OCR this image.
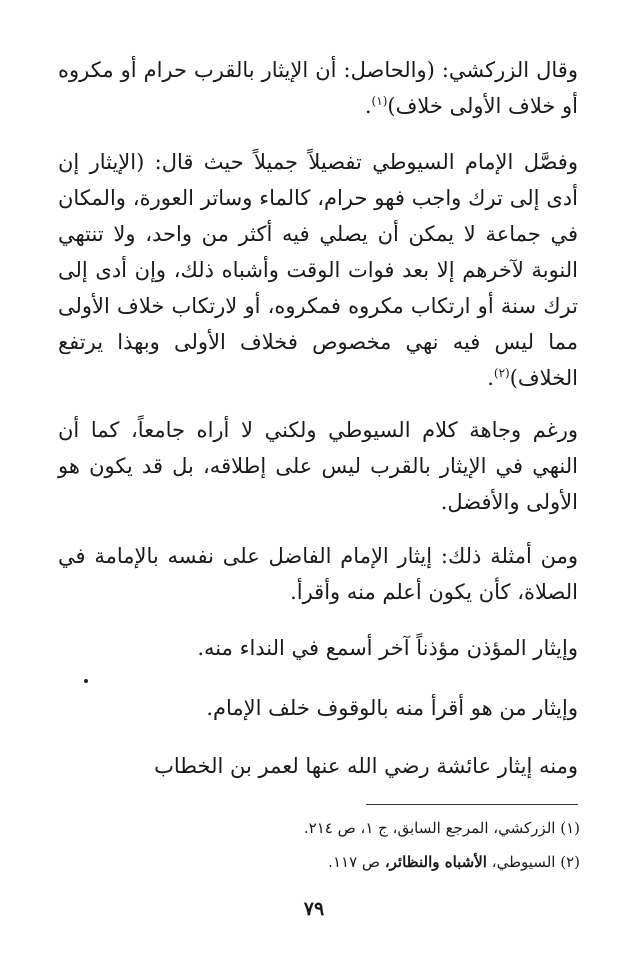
وقال الزركشي: (والحاصل: أن الإيثار بالقرب حرام أو مكروه أو خلاف الأولى خلاف)$^{(١)}$.

وفصَّل الإمام السيوطي تفصيلاً جميلاً حيث قال: (الإيثار إن أدى إلى ترك واجب فهو حرام، كالماء وساتر العورة، والمكان في جماعة لا يمكن أن يصلي فيه أكثر من واحد، ولا تنتهي النوبة لآخرهم إلا بعد فوات الوقت وأشباه ذلك، وإن أدى إلى ترك سنة أو ارتكاب مكروه فمكروه، أو لارتكاب خلاف الأولى مما ليس فيه نهي مخصوص فخلاف الأولى وبهذا يرتفع الخلاف)$^{(٢)}$.

ورغم وجاهة كلام السيوطي ولكني لا أراه جامعاً، كما أن النهي في الإيثار بالقرب ليس على إطلاقه، بل قد يكون هو الأولى والأفضل.

ومن أمثلة ذلك: إيثار الإمام الفاضل على نفسه بالإمامة في الصلاة، كأن يكون أعلم منه وأقرأ.

وإيثار المؤذن مؤذناً آخر أسمع في النداء منه.

وإيثار من هو أقرأ منه بالوقوف خلف الإمام.

ومنه إيثار عائشة رضي الله عنها لعمر بن الخطاب

(١) الزركشي، المرجع السابق، ج ١، ص ٢١٤.
(٢) السيوطي، الأشباه والنظائر، ص ١١٧.
٧٩
